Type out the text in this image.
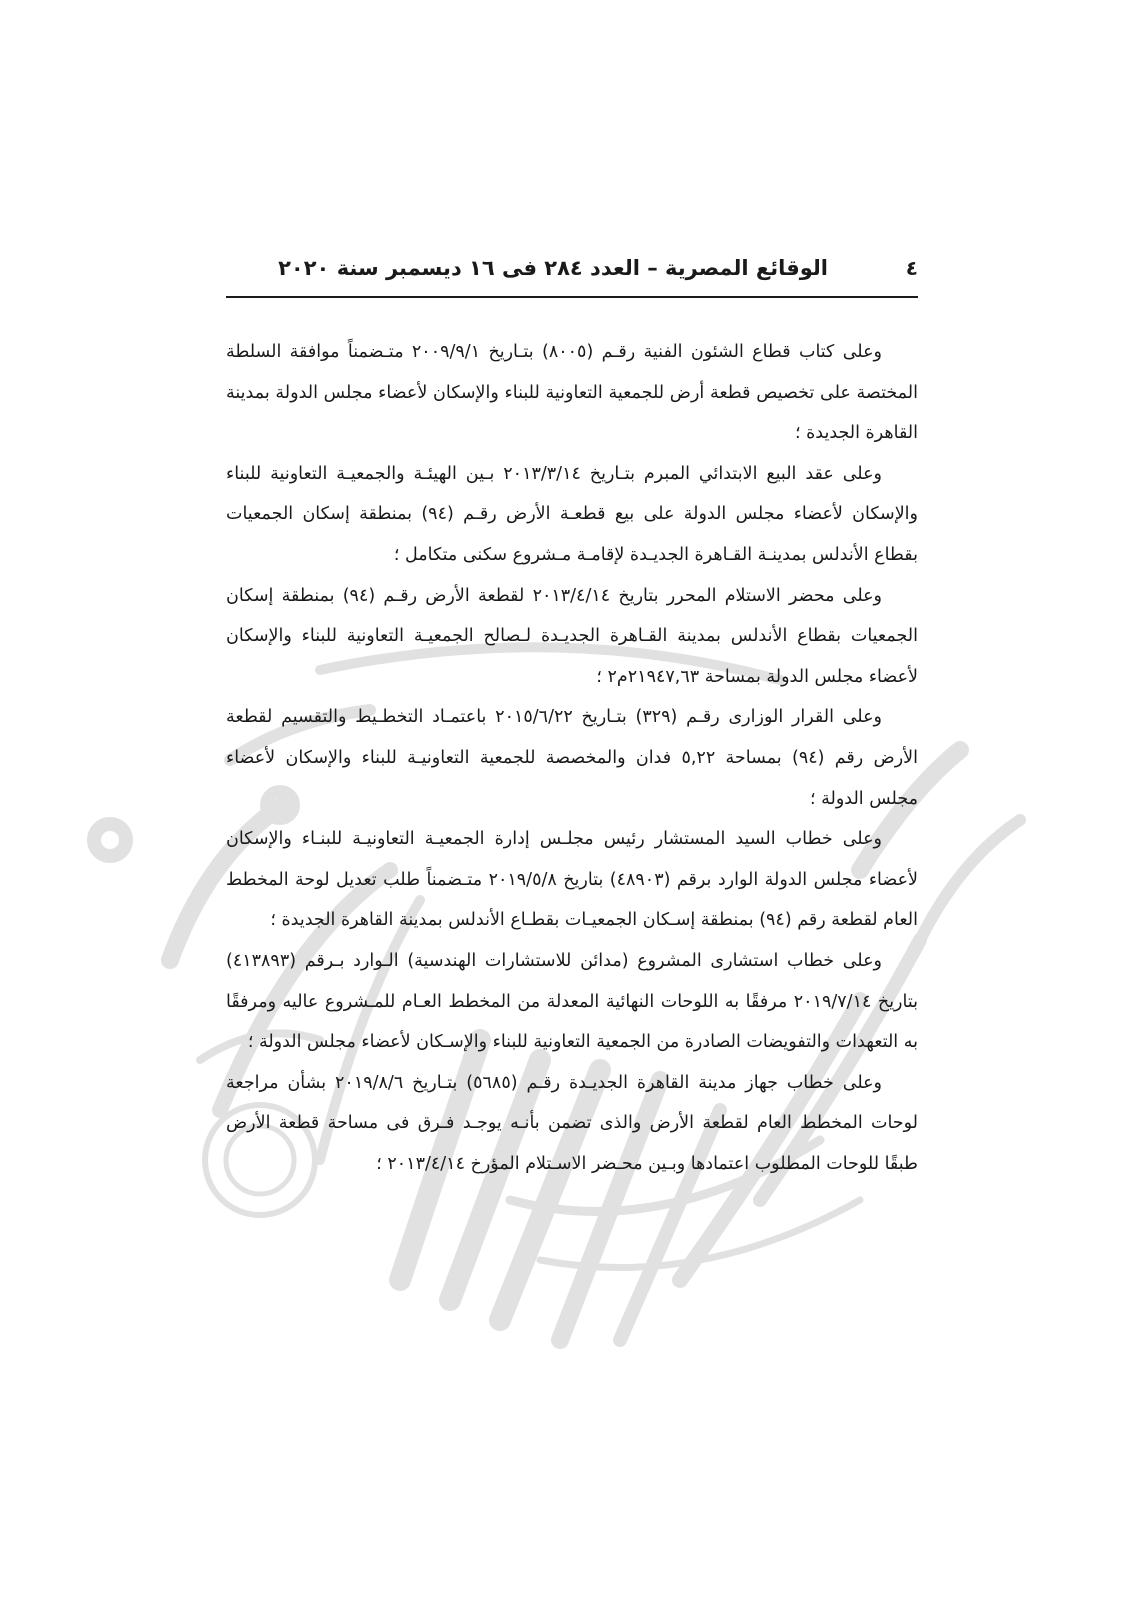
٤
الوقائع المصرية – العدد ٢٨٤ فى ١٦ ديسمبر سنة ٢٠٢٠

وعلى كتاب قطاع الشئون الفنية رقـم (٨٠٠٥) بتـاريخ ٢٠٠٩/٩/١ متـضمناً موافقة السلطة المختصة على تخصيص قطعة أرض للجمعية التعاونية للبناء والإسكان لأعضاء مجلس الدولة بمدينة القاهرة الجديدة ؛

وعلى عقد البيع الابتدائي المبرم بتـاريخ ٢٠١٣/٣/١٤ بـين الهيئـة والجمعيـة التعاونية للبناء والإسكان لأعضاء مجلس الدولة على بيع قطعـة الأرض رقـم (٩٤) بمنطقة إسكان الجمعيات بقطاع الأندلس بمدينـة القـاهرة الجديـدة لإقامـة مـشروع سكنى متكامل ؛

وعلى محضر الاستلام المحرر بتاريخ ٢٠١٣/٤/١٤ لقطعة الأرض رقـم (٩٤) بمنطقة إسكان الجمعيات بقطاع الأندلس بمدينة القـاهرة الجديـدة لـصالح الجمعيـة التعاونية للبناء والإسكان لأعضاء مجلس الدولة بمساحة ٢١٩٤٧,٦٣م٢ ؛

وعلى القرار الوزارى رقـم (٣٢٩) بتـاريخ ٢٠١٥/٦/٢٢ باعتمـاد التخطـيط والتقسيم لقطعة الأرض رقم (٩٤) بمساحة ٥,٢٢ فدان والمخصصة للجمعية التعاونيـة للبناء والإسكان لأعضاء مجلس الدولة ؛

وعلى خطاب السيد المستشار رئيس مجلـس إدارة الجمعيـة التعاونيـة للبنـاء والإسكان لأعضاء مجلس الدولة الوارد برقم (٤٨٩٠٣) بتاريخ ٢٠١٩/٥/٨ متـضمناً طلب تعديل لوحة المخطط العام لقطعة رقم (٩٤) بمنطقة إسـكان الجمعيـات بقطـاع الأندلس بمدينة القاهرة الجديدة ؛

وعلى خطاب استشارى المشروع (مدائن للاستشارات الهندسية) الـوارد بـرقم (٤١٣٨٩٣) بتاريخ ٢٠١٩/٧/١٤ مرفقًا به اللوحات النهائية المعدلة من المخطط العـام للمـشروع عاليه ومرفقًا به التعهدات والتفويضات الصادرة من الجمعية التعاونية للبناء والإسـكان لأعضاء مجلس الدولة ؛

وعلى خطاب جهاز مدينة القاهرة الجديـدة رقـم (٥٦٨٥) بتـاريخ ٢٠١٩/٨/٦ بشأن مراجعة لوحات المخطط العام لقطعة الأرض والذى تضمن بأنـه يوجـد فـرق فى مساحة قطعة الأرض طبقًا للوحات المطلوب اعتمادها وبـين محـضر الاسـتلام المؤرخ ٢٠١٣/٤/١٤ ؛
